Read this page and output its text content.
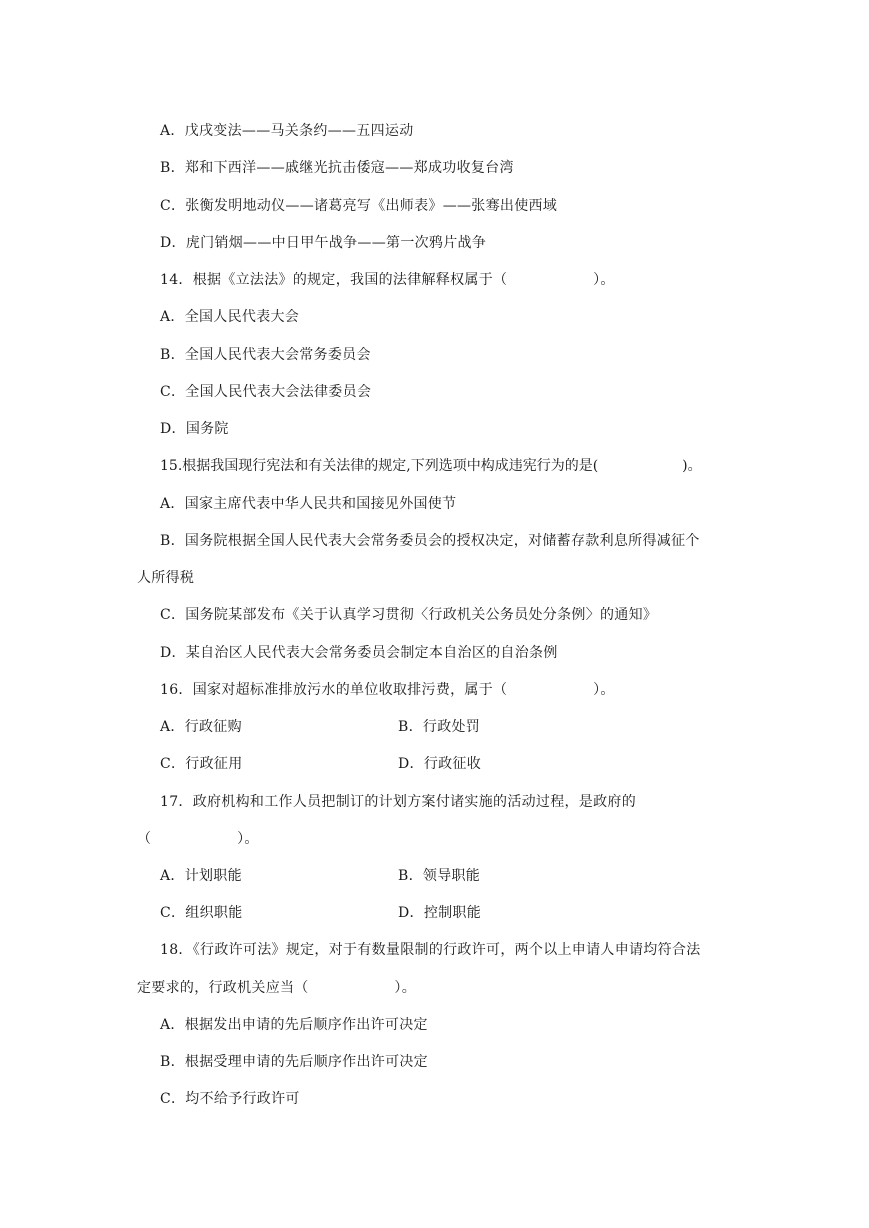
A．戊戌变法——马关条约——五四运动
B．郑和下西洋——戚继光抗击倭寇——郑成功收复台湾
C．张衡发明地动仪——诸葛亮写《出师表》——张骞出使西域
D．虎门销烟——中日甲午战争——第一次鸦片战争
14．根据《立法法》的规定，我国的法律解释权属于（　　　　　　）。
A．全国人民代表大会
B．全国人民代表大会常务委员会
C．全国人民代表大会法律委员会
D．国务院
15.根据我国现行宪法和有关法律的规定,下列选项中构成违宪行为的是(　　　　　　)。
A．国家主席代表中华人民共和国接见外国使节
B．国务院根据全国人民代表大会常务委员会的授权决定，对储蓄存款利息所得减征个
人所得税
C．国务院某部发布《关于认真学习贯彻〈行政机关公务员处分条例〉的通知》
D．某自治区人民代表大会常务委员会制定本自治区的自治条例
16．国家对超标准排放污水的单位收取排污费，属于（　　　　　　）。
A．行政征购	B．行政处罚
C．行政征用	D．行政征收
17．政府机构和工作人员把制订的计划方案付诸实施的活动过程，是政府的
（　　　　　　）。
A．计划职能	B．领导职能
C．组织职能	D．控制职能
18．《行政许可法》规定，对于有数量限制的行政许可，两个以上申请人申请均符合法
定要求的，行政机关应当（　　　　　　）。
A．根据发出申请的先后顺序作出许可决定
B．根据受理申请的先后顺序作出许可决定
C．均不给予行政许可
